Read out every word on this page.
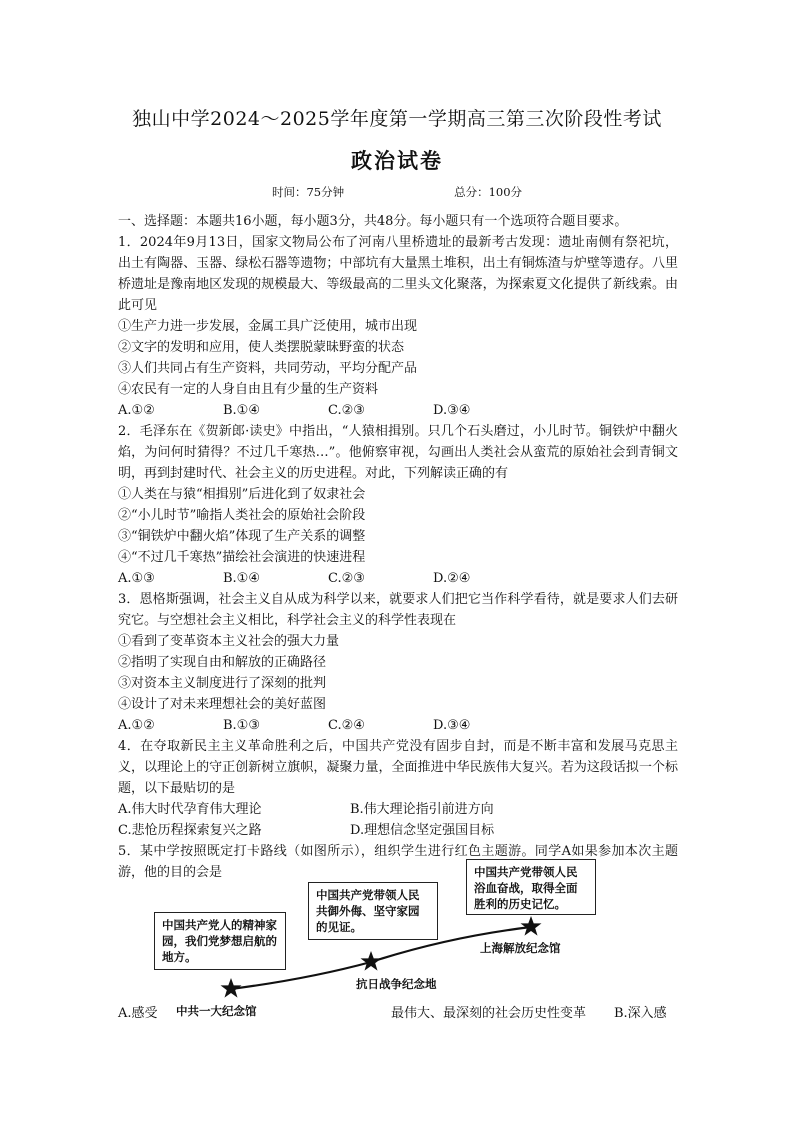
独山中学2024～2025学年度第一学期高三第三次阶段性考试
政治试卷
时间：75分钟	总分：100分
一、选择题：本题共16小题，每小题3分，共48分。每小题只有一个选项符合题目要求。
1．2024年9月13日，国家文物局公布了河南八里桥遗址的最新考古发现：遗址南侧有祭祀坑，出土有陶器、玉器、绿松石器等遗物；中部坑有大量黑土堆积，出土有铜炼渣与炉壁等遗存。八里桥遗址是豫南地区发现的规模最大、等级最高的二里头文化聚落，为探索夏文化提供了新线索。由此可见
①生产力进一步发展，金属工具广泛使用，城市出现
②文字的发明和应用，使人类摆脱蒙昧野蛮的状态
③人们共同占有生产资料，共同劳动，平均分配产品
④农民有一定的人身自由且有少量的生产资料
A.①②	B.①④	C.②③	D.③④
2．毛泽东在《贺新郎·读史》中指出，“人猿相揖别。只几个石头磨过，小儿时节。铜铁炉中翻火焰，为问何时猜得？不过几千寒热…”。他俯察审视，勾画出人类社会从蛮荒的原始社会到青铜文明，再到封建时代、社会主义的历史进程。对此，下列解读正确的有
①人类在与猿“相揖别”后进化到了奴隶社会
②“小儿时节”喻指人类社会的原始社会阶段
③“铜铁炉中翻火焰”体现了生产关系的调整
④“不过几千寒热”描绘社会演进的快速进程
A.①③	B.①④	C.②③	D.②④
3．恩格斯强调，社会主义自从成为科学以来，就要求人们把它当作科学看待，就是要求人们去研究它。与空想社会主义相比，科学社会主义的科学性表现在
①看到了变革资本主义社会的强大力量
②指明了实现自由和解放的正确路径
③对资本主义制度进行了深刻的批判
④设计了对未来理想社会的美好蓝图
A.①②	B.①③	C.②④	D.③④
4．在夺取新民主主义革命胜利之后，中国共产党没有固步自封，而是不断丰富和发展马克思主义，以理论上的守正创新树立旗帜，凝聚力量，全面推进中华民族伟大复兴。若为这段话拟一个标题，以下最贴切的是
A.伟大时代孕育伟大理论	B.伟大理论指引前进方向
C.悲怆历程探索复兴之路	D.理想信念坚定强国目标
5．某中学按照既定打卡路线（如图所示），组织学生进行红色主题游。同学A如果参加本次主题游，他的目的会是
中国共产党人的精神家园，我们党梦想启航的地方。
中国共产党带领人民共御外侮、坚守家园的见证。
中国共产党带领人民浴血奋战，取得全面胜利的历史记忆。
上海解放纪念馆
抗日战争纪念地
A.感受 中共一大纪念馆	最伟大、最深刻的社会历史性变革 B.深入感
